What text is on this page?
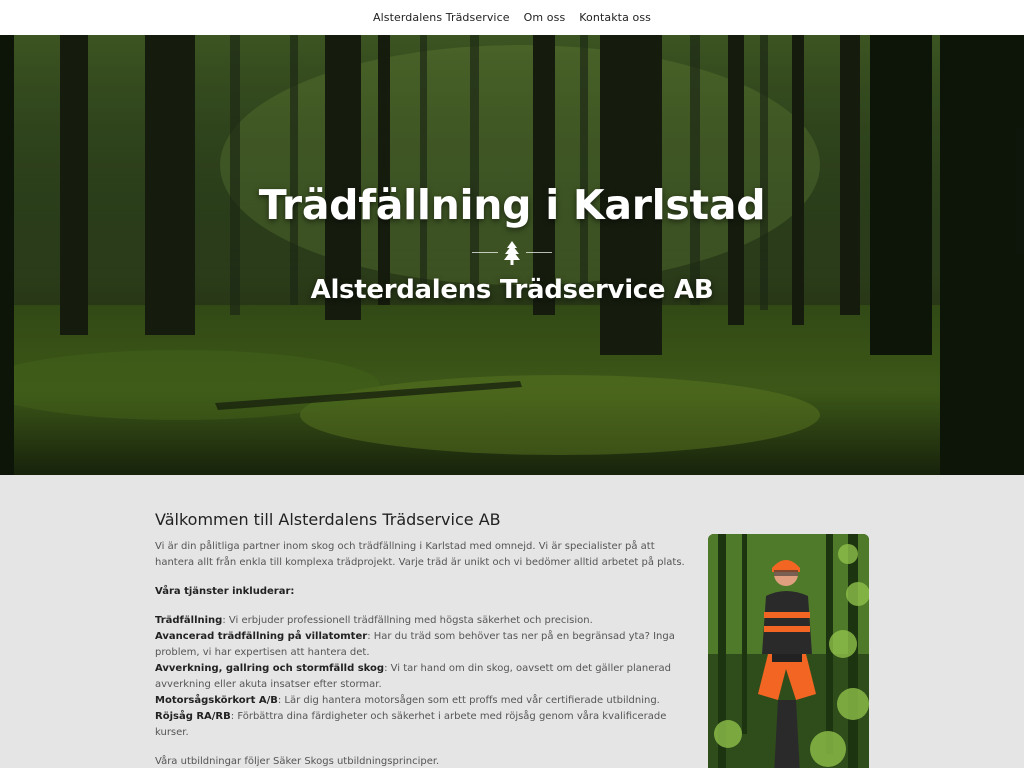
Alsterdalens Trädservice Om oss Kontakta oss
Trädfällning i Karlstad
Alsterdalens Trädservice AB
Välkommen till Alsterdalens Trädservice AB

Vi är din pålitliga partner inom skog och trädfällning i Karlstad med omnejd. Vi är specialister på att hantera allt från enkla till komplexa trädprojekt. Varje träd är unikt och vi bedömer alltid arbetet på plats.

Våra tjänster inkluderar:

Trädfällning: Vi erbjuder professionell trädfällning med högsta säkerhet och precision.
Avancerad trädfällning på villatomter: Har du träd som behöver tas ner på en begränsad yta? Inga problem, vi har expertisen att hantera det.
Avverkning, gallring och stormfälld skog: Vi tar hand om din skog, oavsett om det gäller planerad avverkning eller akuta insatser efter stormar.
Motorsågskörkort A/B: Lär dig hantera motorsågen som ett proffs med vår certifierade utbildning.
Röjsåg RA/RB: Förbättra dina färdigheter och säkerhet i arbete med röjsåg genom våra kvalificerade kurser.

Våra utbildningar följer Säker Skogs utbildningsprinciper.
